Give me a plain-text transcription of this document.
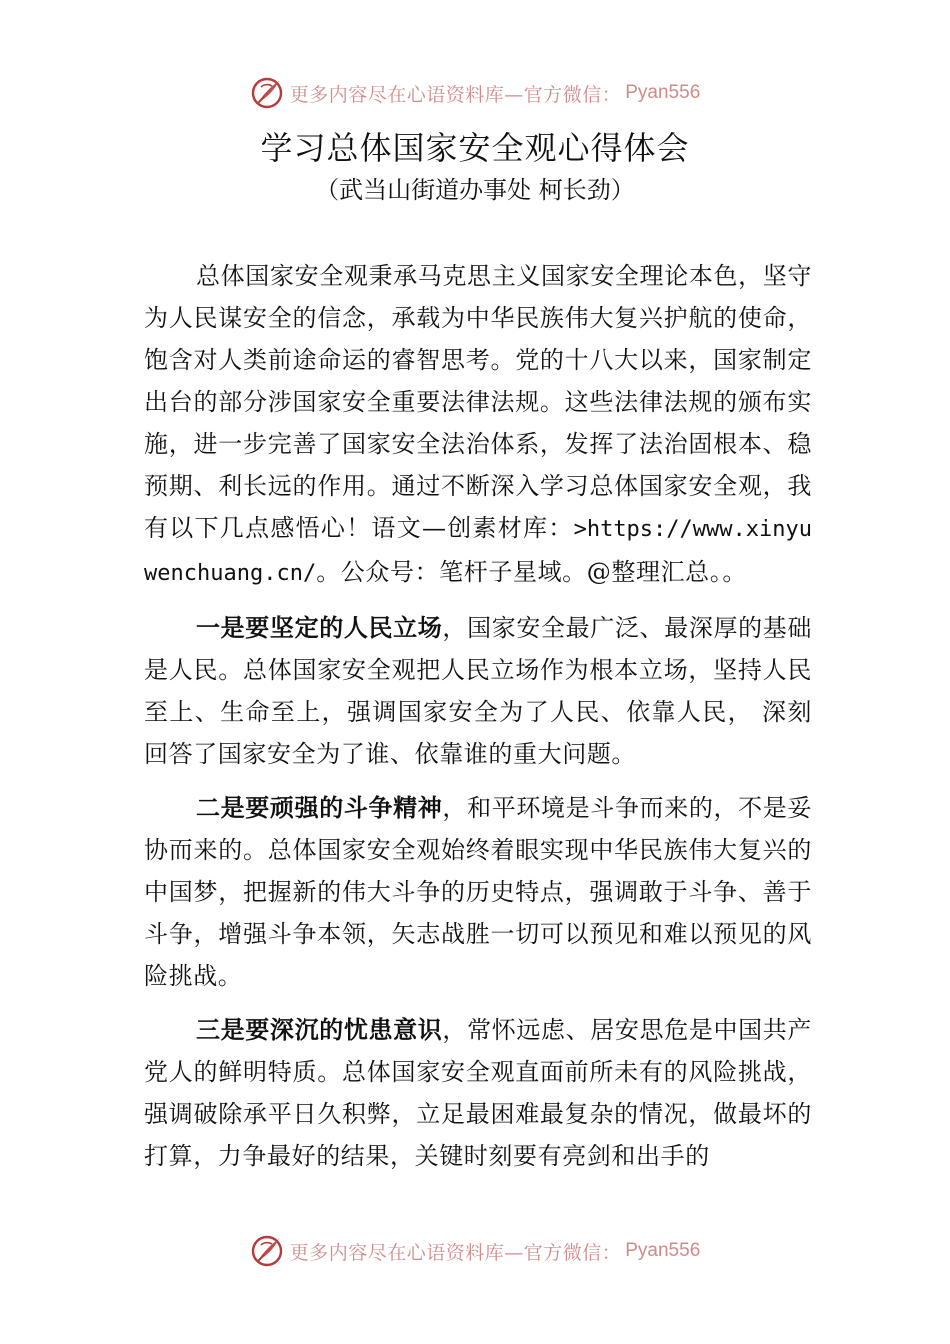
更多内容尽在心语资料库—官方微信： Pyan556
学习总体国家安全观心得体会
（武当山街道办事处 柯长劲）

总体国家安全观秉承马克思主义国家安全理论本色，坚守为人民谋安全的信念，承载为中华民族伟大复兴护航的使命，饱含对人类前途命运的睿智思考。党的十八大以来，国家制定出台的部分涉国家安全重要法律法规。这些法律法规的颁布实施，进一步完善了国家安全法治体系，发挥了法治固根本、稳预期、利长远的作用。通过不断深入学习总体国家安全观，我有以下几点感悟心！语文—创素材库：>https://www.xinyuwenchuang.cn/。公众号：笔杆子星域。@整理汇总。。

一是要坚定的人民立场，国家安全最广泛、最深厚的基础是人民。总体国家安全观把人民立场作为根本立场，坚持人民至上、生命至上，强调国家安全为了人民、依靠人民， 深刻回答了国家安全为了谁、依靠谁的重大问题。

二是要顽强的斗争精神，和平环境是斗争而来的，不是妥协而来的。总体国家安全观始终着眼实现中华民族伟大复兴的中国梦，把握新的伟大斗争的历史特点，强调敢于斗争、善于斗争，增强斗争本领，矢志战胜一切可以预见和难以预见的风险挑战。

三是要深沉的忧患意识，常怀远虑、居安思危是中国共产党人的鲜明特质。总体国家安全观直面前所未有的风险挑战，强调破除承平日久积弊，立足最困难最复杂的情况，做最坏的打算，力争最好的结果，关键时刻要有亮剑和出手的

更多内容尽在心语资料库—官方微信： Pyan556
